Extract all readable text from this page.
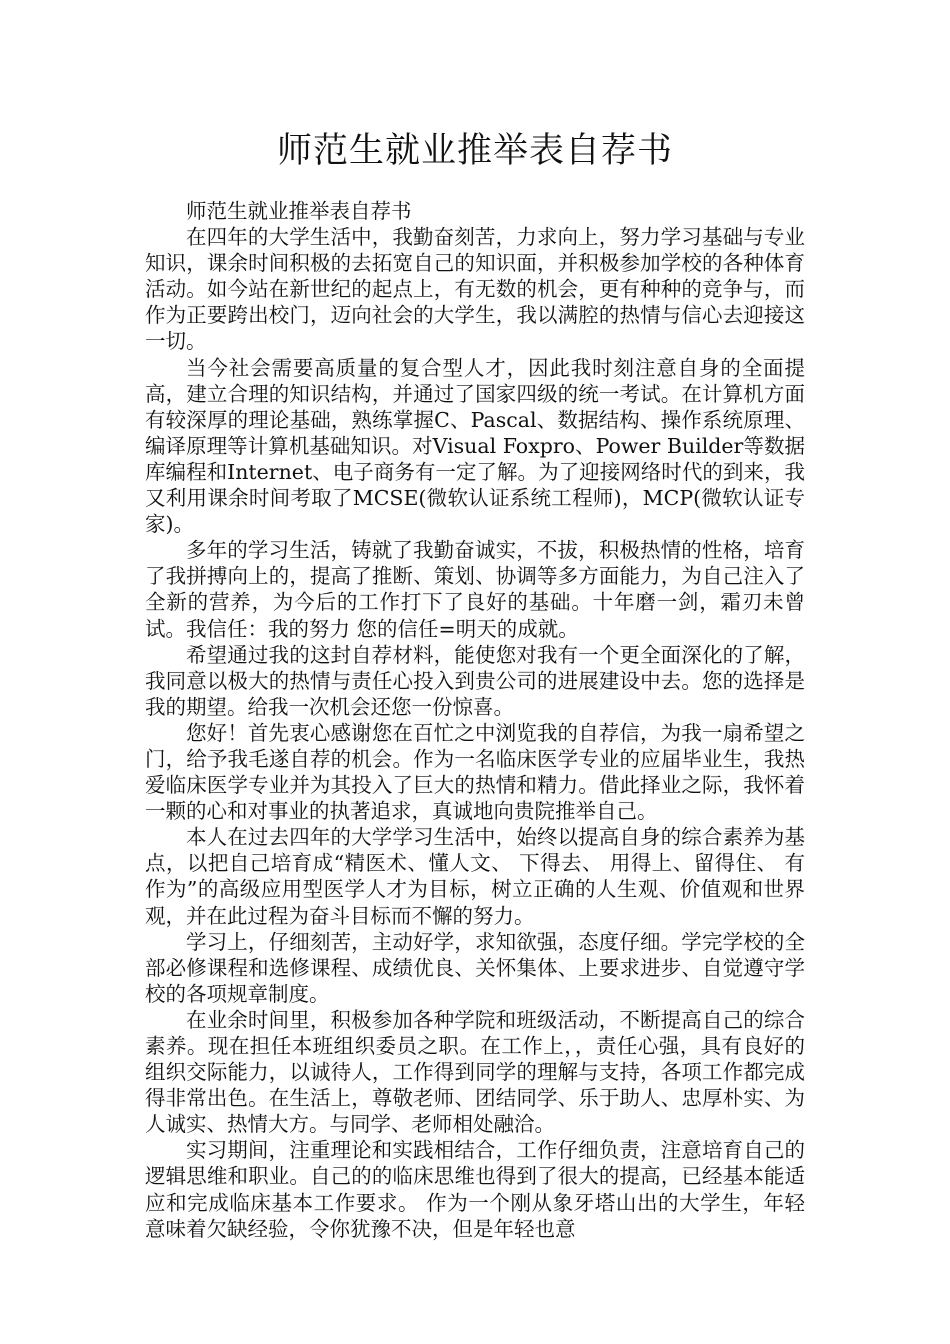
师范生就业推举表自荐书

师范生就业推举表自荐书

在四年的大学生活中，我勤奋刻苦，力求向上，努力学习基础与专业知识，课余时间积极的去拓宽自己的知识面，并积极参加学校的各种体育活动。如今站在新世纪的起点上，有无数的机会，更有种种的竞争与，而作为正要跨出校门，迈向社会的大学生，我以满腔的热情与信心去迎接这一切。

当今社会需要高质量的复合型人才，因此我时刻注意自身的全面提高，建立合理的知识结构，并通过了国家四级的统一考试。在计算机方面有较深厚的理论基础，熟练掌握C、Pascal、数据结构、操作系统原理、编译原理等计算机基础知识。对Visual Foxpro、Power Builder等数据库编程和Internet、电子商务有一定了解。为了迎接网络时代的到来，我又利用课余时间考取了MCSE(微软认证系统工程师)，MCP(微软认证专家)。

多年的学习生活，铸就了我勤奋诚实，不拔，积极热情的性格，培育了我拼搏向上的，提高了推断、策划、协调等多方面能力，为自己注入了全新的营养，为今后的工作打下了良好的基础。十年磨一剑，霜刃未曾试。我信任：我的努力 您的信任=明天的成就。

希望通过我的这封自荐材料，能使您对我有一个更全面深化的了解，我同意以极大的热情与责任心投入到贵公司的进展建设中去。您的选择是我的期望。给我一次机会还您一份惊喜。

您好！首先衷心感谢您在百忙之中浏览我的自荐信，为我一扇希望之门，给予我毛遂自荐的机会。作为一名临床医学专业的应届毕业生，我热爱临床医学专业并为其投入了巨大的热情和精力。借此择业之际，我怀着一颗的心和对事业的执著追求，真诚地向贵院推举自己。

本人在过去四年的大学学习生活中，始终以提高自身的综合素养为基点，以把自己培育成“精医术、懂人文、 下得去、 用得上、留得住、 有作为”的高级应用型医学人才为目标，树立正确的人生观、价值观和世界观，并在此过程为奋斗目标而不懈的努力。

学习上，仔细刻苦，主动好学，求知欲强，态度仔细。学完学校的全部必修课程和选修课程、成绩优良、关怀集体、上要求进步、自觉遵守学校的各项规章制度。

在业余时间里，积极参加各种学院和班级活动，不断提高自己的综合素养。现在担任本班组织委员之职。在工作上，，责任心强，具有良好的组织交际能力，以诚待人，工作得到同学的理解与支持，各项工作都完成得非常出色。在生活上，尊敬老师、团结同学、乐于助人、忠厚朴实、为人诚实、热情大方。与同学、老师相处融洽。

实习期间，注重理论和实践相结合，工作仔细负责，注意培育自己的逻辑思维和职业。自己的的临床思维也得到了很大的提高，已经基本能适应和完成临床基本工作要求。 作为一个刚从象牙塔山出的大学生，年轻意味着欠缺经验，令你犹豫不决，但是年轻也意
